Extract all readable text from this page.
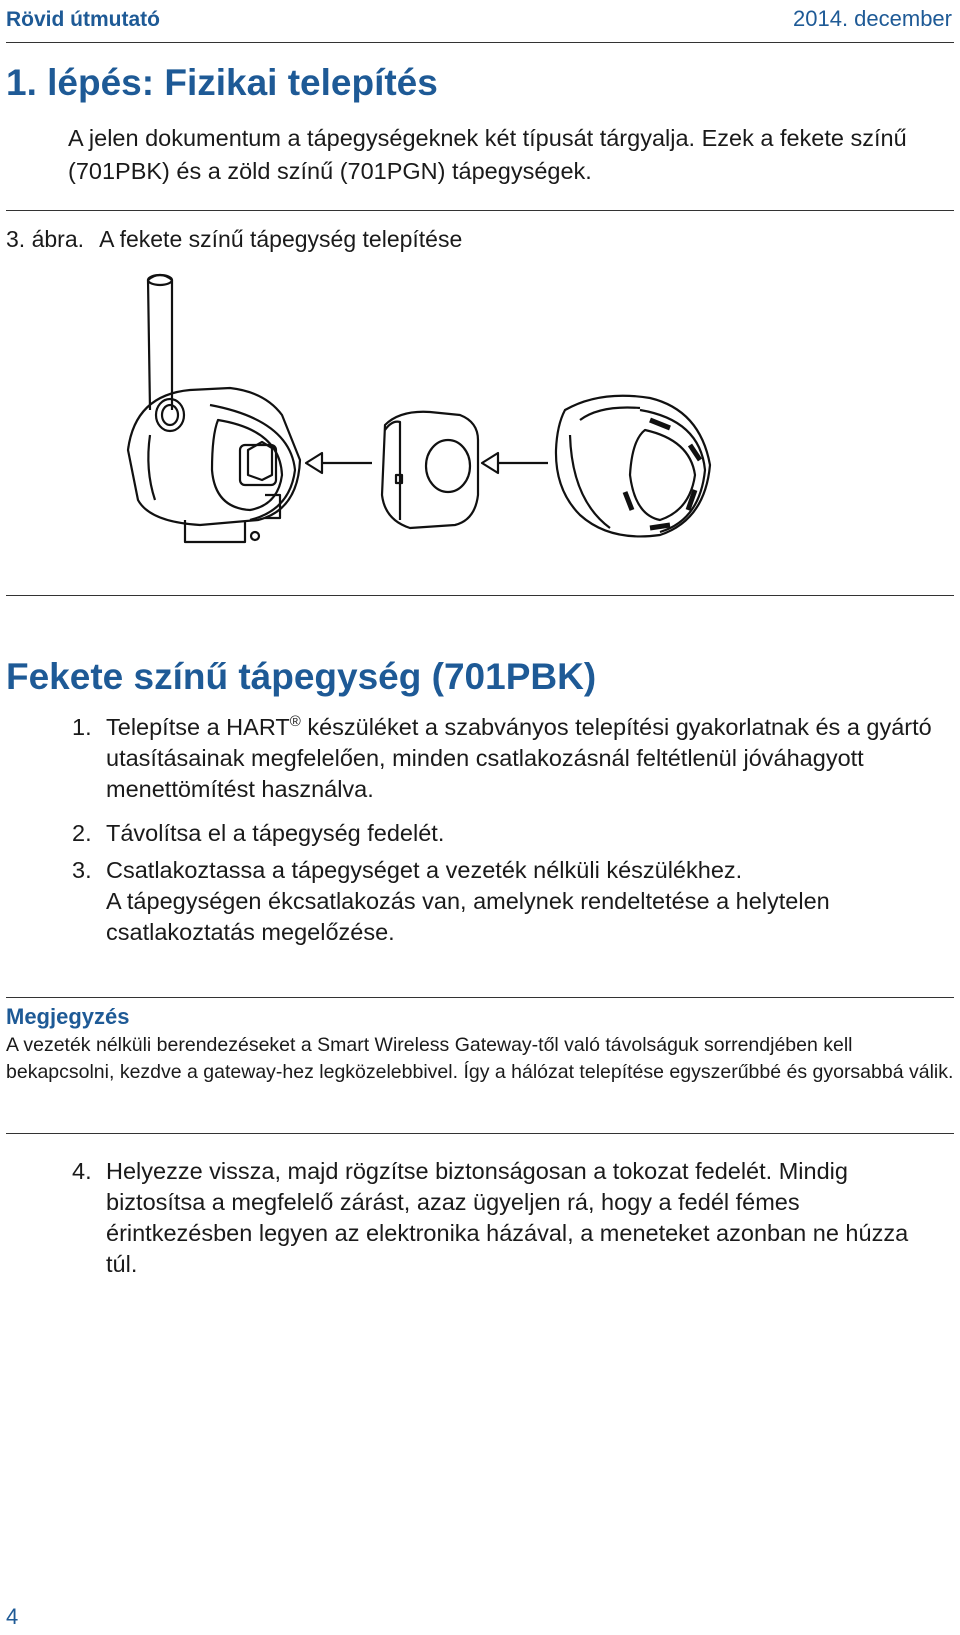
Rövid útmutató	2014. december
1. lépés: Fizikai telepítés
A jelen dokumentum a tápegységeknek két típusát tárgyalja. Ezek a fekete színű (701PBK) és a zöld színű (701PGN) tápegységek.
3. ábra. A fekete színű tápegység telepítése
Fekete színű tápegység (701PBK)
1. Telepítse a HART® készüléket a szabványos telepítési gyakorlatnak és a gyártó utasításainak megfelelően, minden csatlakozásnál feltétlenül jóváhagyott menettömítést használva.
2. Távolítsa el a tápegység fedelét.
3. Csatlakoztassa a tápegységet a vezeték nélküli készülékhez.
A tápegységen ékcsatlakozás van, amelynek rendeltetése a helytelen csatlakoztatás megelőzése.
Megjegyzés
A vezeték nélküli berendezéseket a Smart Wireless Gateway-től való távolságuk sorrendjében kell bekapcsolni, kezdve a gateway-hez legközelebbivel. Így a hálózat telepítése egyszerűbbé és gyorsabbá válik.
4. Helyezze vissza, majd rögzítse biztonságosan a tokozat fedelét. Mindig biztosítsa a megfelelő zárást, azaz ügyeljen rá, hogy a fedél fémes érintkezésben legyen az elektronika házával, a meneteket azonban ne húzza túl.
4
